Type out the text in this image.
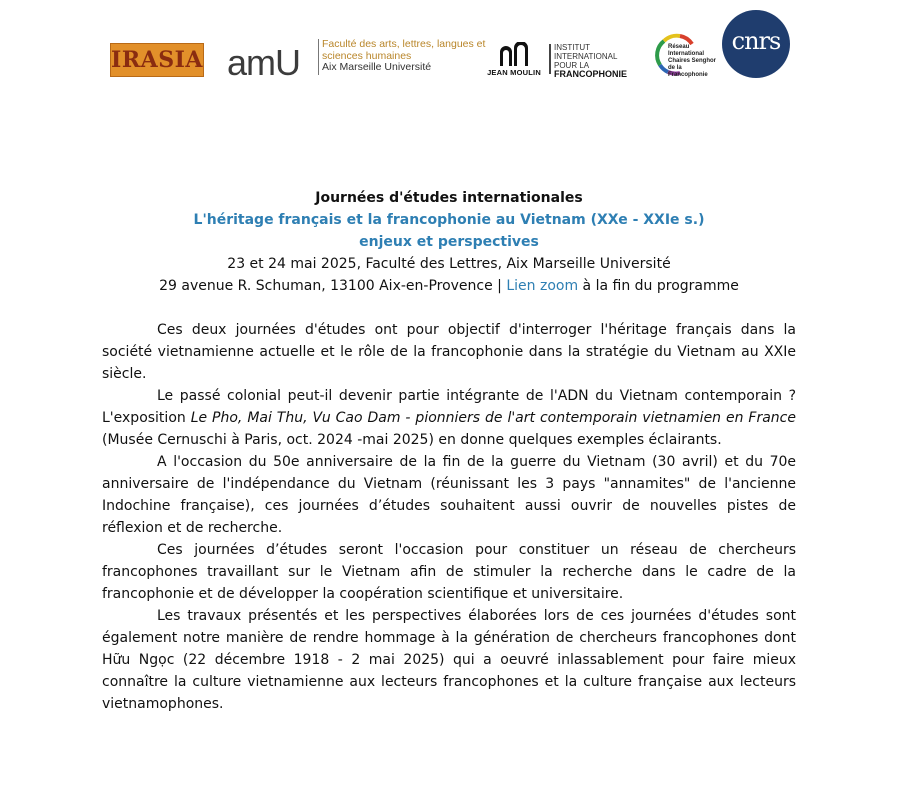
IRASIA amU Faculté des arts, lettres, langues et sciences humaines
Aix Marseille Université	JEAN MOULIN
INSTITUT
INTERNATIONAL
POUR LA
FRANCOPHONIE
Réseau
International
Chaires Senghor
de la
Francophonie
cnrs
Journées d'études internationales
L'héritage français et la francophonie au Vietnam (XXe - XXIe s.)
enjeux et perspectives
23 et 24 mai 2025, Faculté des Lettres, Aix Marseille Université
29 avenue R. Schuman, 13100 Aix-en-Provence | Lien zoom à la fin du programme

Ces deux journées d'études ont pour objectif d'interroger l'héritage français dans la société vietnamienne actuelle et le rôle de la francophonie dans la stratégie du Vietnam au XXIe siècle.

Le passé colonial peut-il devenir partie intégrante de l'ADN du Vietnam contemporain ? L'exposition Le Pho, Mai Thu, Vu Cao Dam - pionniers de l'art contemporain vietnamien en France (Musée Cernuschi à Paris, oct. 2024 -mai 2025) en donne quelques exemples éclairants.

A l'occasion du 50e anniversaire de la fin de la guerre du Vietnam (30 avril) et du 70e anniversaire de l'indépendance du Vietnam (réunissant les 3 pays "annamites" de l'ancienne Indochine française), ces journées d’études souhaitent aussi ouvrir de nouvelles pistes de réflexion et de recherche.

Ces journées d’études seront l'occasion pour constituer un réseau de chercheurs francophones travaillant sur le Vietnam afin de stimuler la recherche dans le cadre de la francophonie et de développer la coopération scientifique et universitaire.

Les travaux présentés et les perspectives élaborées lors de ces journées d'études sont également notre manière de rendre hommage à la génération de chercheurs francophones dont Hữu Ngọc (22 décembre 1918 - 2 mai 2025) qui a oeuvré inlassablement pour faire mieux connaître la culture vietnamienne aux lecteurs francophones et la culture française aux lecteurs vietnamophones.
